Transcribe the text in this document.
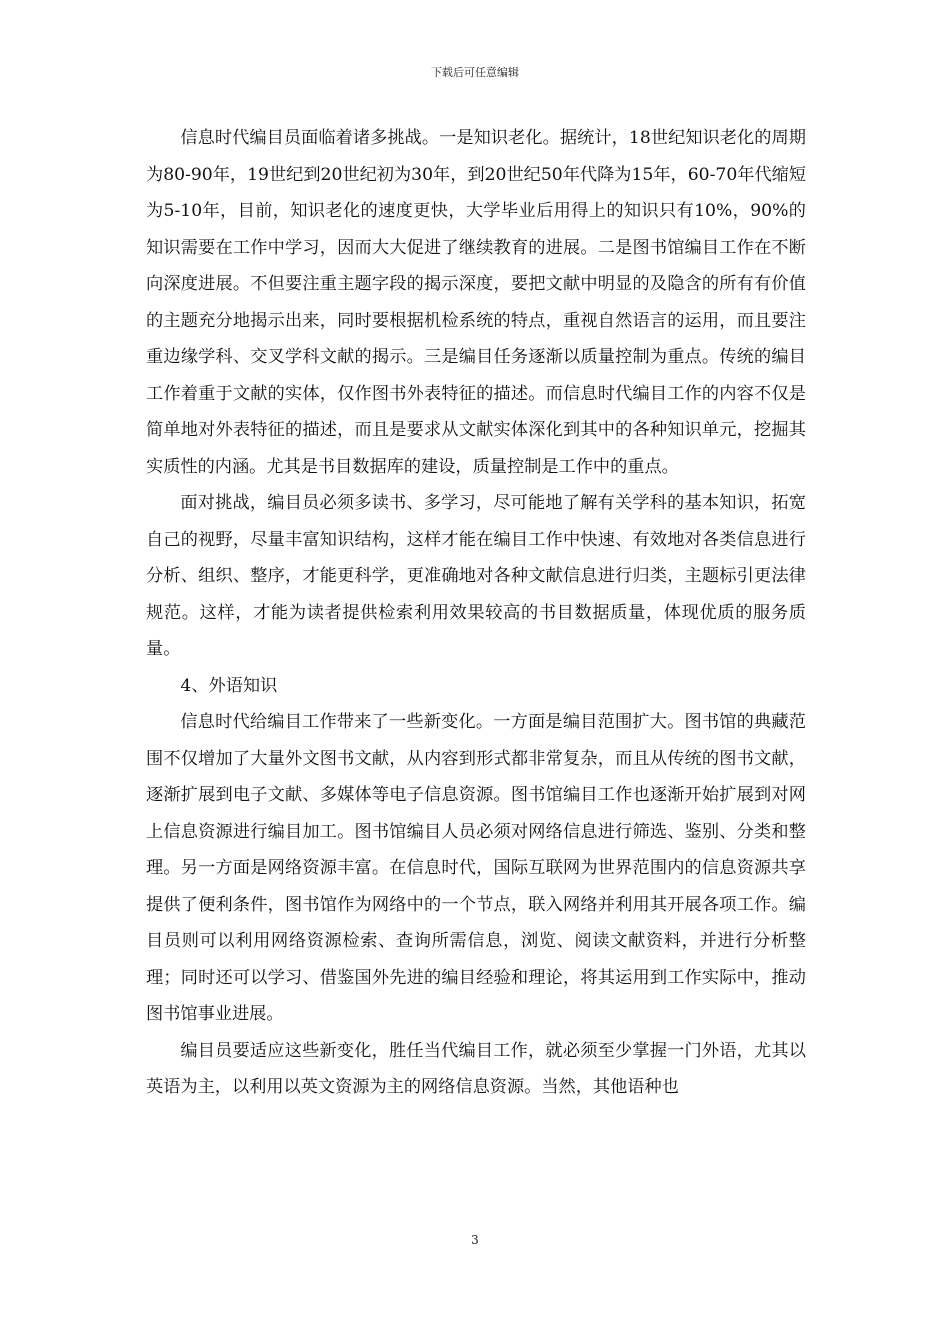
下载后可任意编辑

信息时代编目员面临着诸多挑战。一是知识老化。据统计，18世纪知识老化的周期为80-90年，19世纪到20世纪初为30年，到20世纪50年代降为15年，60-70年代缩短为5-10年，目前，知识老化的速度更快，大学毕业后用得上的知识只有10%，90%的知识需要在工作中学习，因而大大促进了继续教育的进展。二是图书馆编目工作在不断向深度进展。不但要注重主题字段的揭示深度，要把文献中明显的及隐含的所有有价值的主题充分地揭示出来，同时要根据机检系统的特点，重视自然语言的运用，而且要注重边缘学科、交叉学科文献的揭示。三是编目任务逐渐以质量控制为重点。传统的编目工作着重于文献的实体，仅作图书外表特征的描述。而信息时代编目工作的内容不仅是简单地对外表特征的描述，而且是要求从文献实体深化到其中的各种知识单元，挖掘其实质性的内涵。尤其是书目数据库的建设，质量控制是工作中的重点。

面对挑战，编目员必须多读书、多学习，尽可能地了解有关学科的基本知识，拓宽自己的视野，尽量丰富知识结构，这样才能在编目工作中快速、有效地对各类信息进行分析、组织、整序，才能更科学，更准确地对各种文献信息进行归类，主题标引更法律规范。这样，才能为读者提供检索利用效果较高的书目数据质量，体现优质的服务质量。

4、外语知识

信息时代给编目工作带来了一些新变化。一方面是编目范围扩大。图书馆的典藏范围不仅增加了大量外文图书文献，从内容到形式都非常复杂，而且从传统的图书文献，逐渐扩展到电子文献、多媒体等电子信息资源。图书馆编目工作也逐渐开始扩展到对网上信息资源进行编目加工。图书馆编目人员必须对网络信息进行筛选、鉴别、分类和整理。另一方面是网络资源丰富。在信息时代，国际互联网为世界范围内的信息资源共享提供了便利条件，图书馆作为网络中的一个节点，联入网络并利用其开展各项工作。编目员则可以利用网络资源检索、查询所需信息，浏览、阅读文献资料，并进行分析整理；同时还可以学习、借鉴国外先进的编目经验和理论，将其运用到工作实际中，推动图书馆事业进展。

编目员要适应这些新变化，胜任当代编目工作，就必须至少掌握一门外语，尤其以英语为主，以利用以英文资源为主的网络信息资源。当然，其他语种也

3
